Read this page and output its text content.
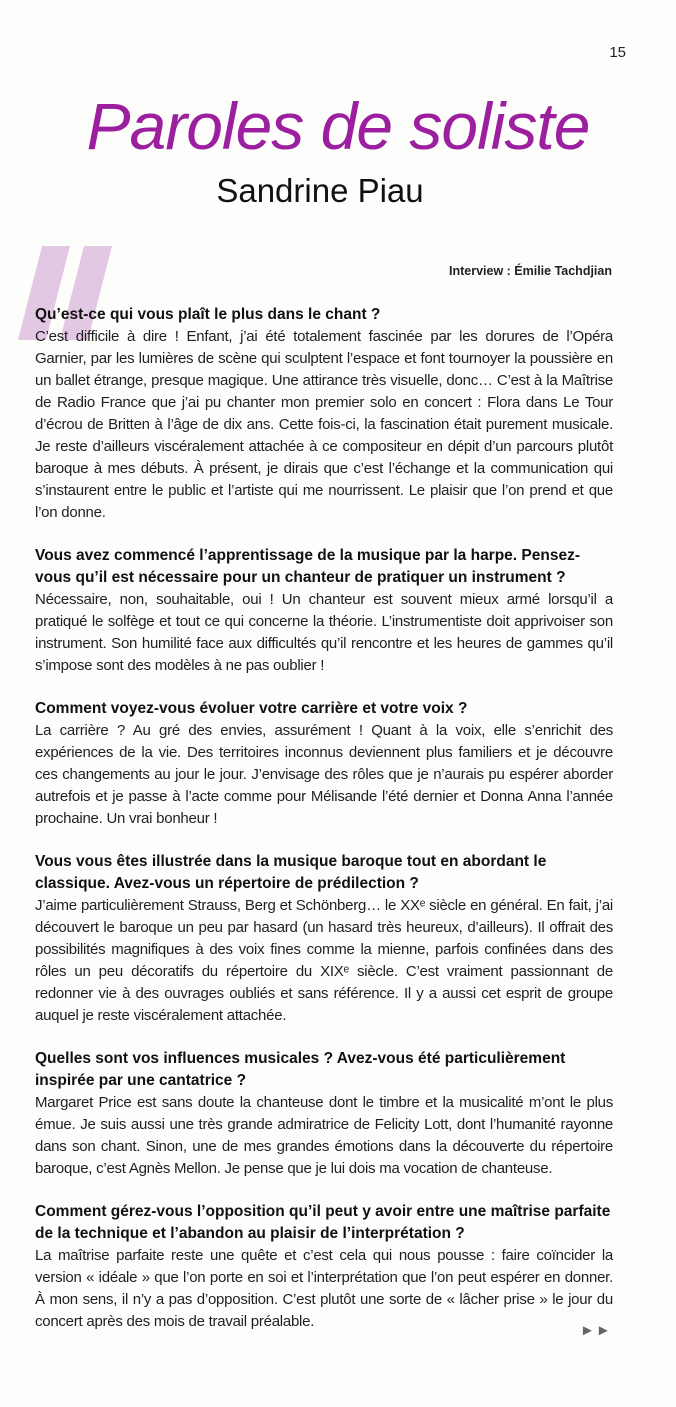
15
Paroles de soliste
Sandrine Piau
Interview : Émilie Tachdjian

Qu’est-ce qui vous plaît le plus dans le chant ?

C’est difficile à dire ! Enfant, j’ai été totalement fascinée par les dorures de l’Opéra Garnier, par les lumières de scène qui sculptent l’espace et font tournoyer la poussière en un ballet étrange, presque magique. Une attirance très visuelle, donc… C’est à la Maîtrise de Radio France que j’ai pu chanter mon premier solo en concert : Flora dans Le Tour d’écrou de Britten à l’âge de dix ans. Cette fois-ci, la fascination était purement musicale. Je reste d’ailleurs viscéralement attachée à ce compositeur en dépit d’un parcours plutôt baroque à mes débuts. À présent, je dirais que c’est l’échange et la communication qui s’instaurent entre le public et l’artiste qui me nourrissent. Le plaisir que l’on prend et que l’on donne.

Vous avez commencé l’apprentissage de la musique par la harpe. Pensez-vous qu’il est nécessaire pour un chanteur de pratiquer un instrument ?

Nécessaire, non, souhaitable, oui ! Un chanteur est souvent mieux armé lorsqu’il a pratiqué le solfège et tout ce qui concerne la théorie. L’instrumentiste doit apprivoiser son instrument. Son humilité face aux difficultés qu’il rencontre et les heures de gammes qu’il s’impose sont des modèles à ne pas oublier !

Comment voyez-vous évoluer votre carrière et votre voix ?

La carrière ? Au gré des envies, assurément ! Quant à la voix, elle s’enrichit des expériences de la vie. Des territoires inconnus deviennent plus familiers et je découvre ces changements au jour le jour. J’envisage des rôles que je n’aurais pu espérer aborder autrefois et je passe à l’acte comme pour Mélisande l’été dernier et Donna Anna l’année prochaine. Un vrai bonheur !

Vous vous êtes illustrée dans la musique baroque tout en abordant le classique. Avez-vous un répertoire de prédilection ?

J’aime particulièrement Strauss, Berg et Schönberg… le XXᵉ siècle en général. En fait, j’ai découvert le baroque un peu par hasard (un hasard très heureux, d’ailleurs). Il offrait des possibilités magnifiques à des voix fines comme la mienne, parfois confinées dans des rôles un peu décoratifs du répertoire du XIXᵉ siècle. C’est vraiment passionnant de redonner vie à des ouvrages oubliés et sans référence. Il y a aussi cet esprit de groupe auquel je reste viscéralement attachée.

Quelles sont vos influences musicales ? Avez-vous été particulièrement inspirée par une cantatrice ?

Margaret Price est sans doute la chanteuse dont le timbre et la musicalité m’ont le plus émue. Je suis aussi une très grande admiratrice de Felicity Lott, dont l’humanité rayonne dans son chant. Sinon, une de mes grandes émotions dans la découverte du répertoire baroque, c’est Agnès Mellon. Je pense que je lui dois ma vocation de chanteuse.

Comment gérez-vous l’opposition qu’il peut y avoir entre une maîtrise parfaite de la technique et l’abandon au plaisir de l’interprétation ?

La maîtrise parfaite reste une quête et c’est cela qui nous pousse : faire coïncider la version « idéale » que l’on porte en soi et l’interprétation que l’on peut espérer en donner. À mon sens, il n’y a pas d’opposition. C’est plutôt une sorte de « lâcher prise » le jour du concert après des mois de travail préalable.

►►
